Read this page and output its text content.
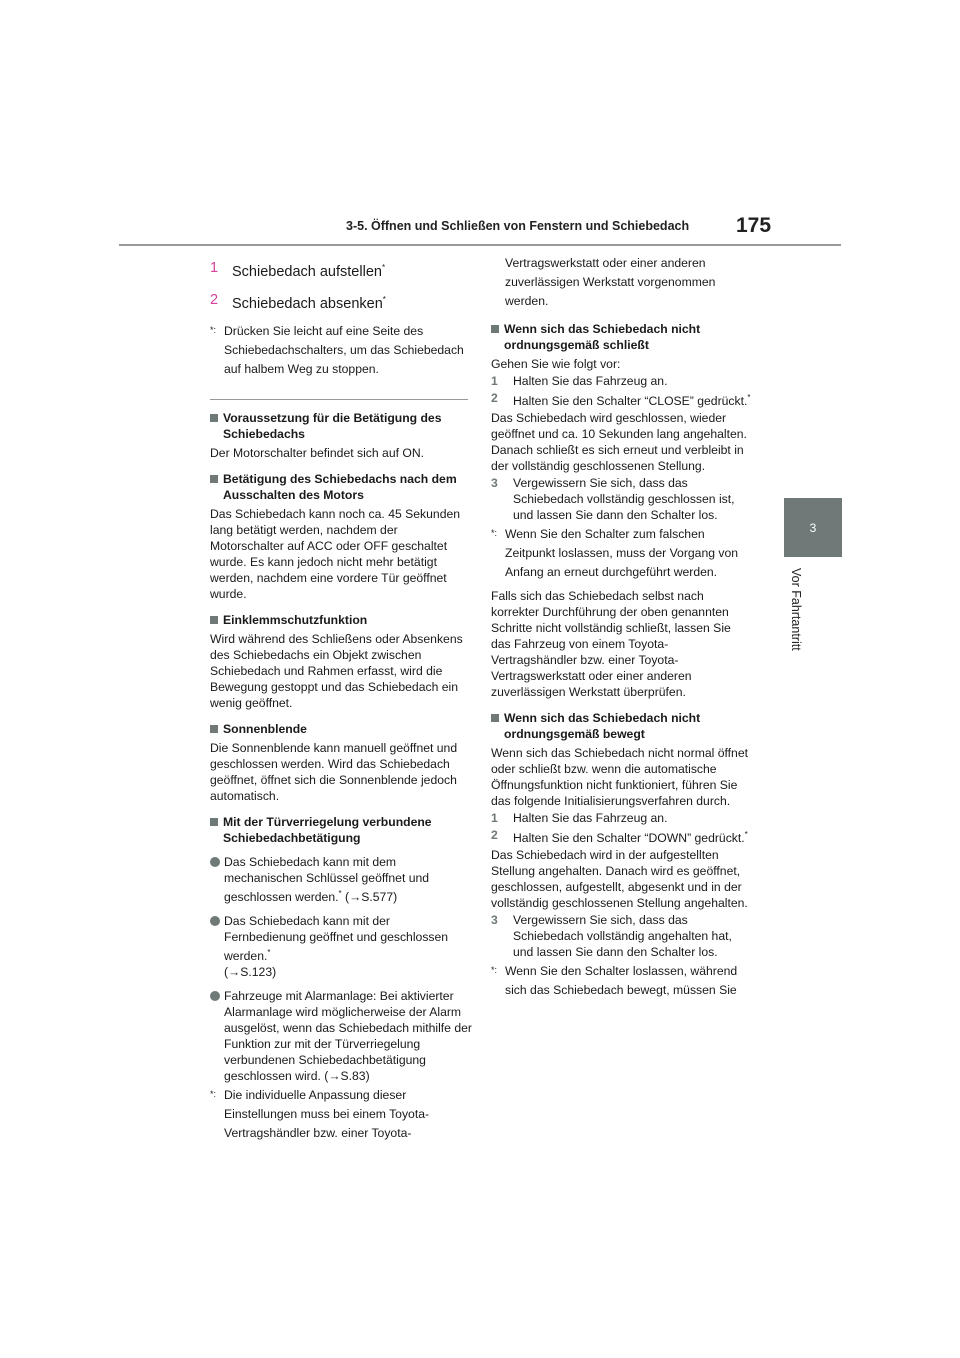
3-5. Öffnen und Schließen von Fenstern und Schiebedach 175
3
Vor Fahrtantritt
1 Schiebedach aufstellen*
2 Schiebedach absenken*
*: Drücken Sie leicht auf eine Seite des Schiebedachschalters, um das Schiebedach auf halbem Weg zu stoppen.
Voraussetzung für die Betätigung des Schiebedachs

Der Motorschalter befindet sich auf ON.

Betätigung des Schiebedachs nach dem Ausschalten des Motors

Das Schiebedach kann noch ca. 45 Sekunden lang betätigt werden, nachdem der Motorschalter auf ACC oder OFF geschaltet wurde. Es kann jedoch nicht mehr betätigt werden, nachdem eine vordere Tür geöffnet wurde.

Einklemmschutzfunktion

Wird während des Schließens oder Absenkens des Schiebedachs ein Objekt zwischen Schiebedach und Rahmen erfasst, wird die Bewegung gestoppt und das Schiebedach ein wenig geöffnet.

Sonnenblende

Die Sonnenblende kann manuell geöffnet und geschlossen werden. Wird das Schiebedach geöffnet, öffnet sich die Sonnenblende jedoch automatisch.

Mit der Türverriegelung verbundene Schiebedachbetätigung
Das Schiebedach kann mit dem mechanischen Schlüssel geöffnet und geschlossen werden.* (→S.577)
Das Schiebedach kann mit der Fernbedienung geöffnet und geschlossen werden.*
(→S.123)
Fahrzeuge mit Alarmanlage: Bei aktivierter Alarmanlage wird möglicherweise der Alarm ausgelöst, wenn das Schiebedach mithilfe der Funktion zur mit der Türverriegelung verbundenen Schiebedachbetätigung geschlossen wird. (→S.83)
*: Die individuelle Anpassung dieser Einstellungen muss bei einem Toyota-Vertragshändler bzw. einer Toyota-

Vertragswerkstatt oder einer anderen zuverlässigen Werkstatt vorgenommen werden.

Wenn sich das Schiebedach nicht ordnungsgemäß schließt

Gehen Sie wie folgt vor:

1	Halten Sie das Fahrzeug an.
2	Halten Sie den Schalter “CLOSE” gedrückt.*

Das Schiebedach wird geschlossen, wieder geöffnet und ca. 10 Sekunden lang angehalten. Danach schließt es sich erneut und verbleibt in der vollständig geschlossenen Stellung.

3	Vergewissern Sie sich, dass das Schiebedach vollständig geschlossen ist, und lassen Sie dann den Schalter los.
*: Wenn Sie den Schalter zum falschen Zeitpunkt loslassen, muss der Vorgang von Anfang an erneut durchgeführt werden.

Falls sich das Schiebedach selbst nach korrekter Durchführung der oben genannten Schritte nicht vollständig schließt, lassen Sie das Fahrzeug von einem Toyota-Vertragshändler bzw. einer Toyota-Vertragswerkstatt oder einer anderen zuverlässigen Werkstatt überprüfen.

Wenn sich das Schiebedach nicht ordnungsgemäß bewegt

Wenn sich das Schiebedach nicht normal öffnet oder schließt bzw. wenn die automatische Öffnungsfunktion nicht funktioniert, führen Sie das folgende Initialisierungsverfahren durch.

1	Halten Sie das Fahrzeug an.
2	Halten Sie den Schalter “DOWN” gedrückt.*

Das Schiebedach wird in der aufgestellten Stellung angehalten. Danach wird es geöffnet, geschlossen, aufgestellt, abgesenkt und in der vollständig geschlossenen Stellung angehalten.

3	Vergewissern Sie sich, dass das Schiebedach vollständig angehalten hat, und lassen Sie dann den Schalter los.
*: Wenn Sie den Schalter loslassen, während sich das Schiebedach bewegt, müssen Sie
